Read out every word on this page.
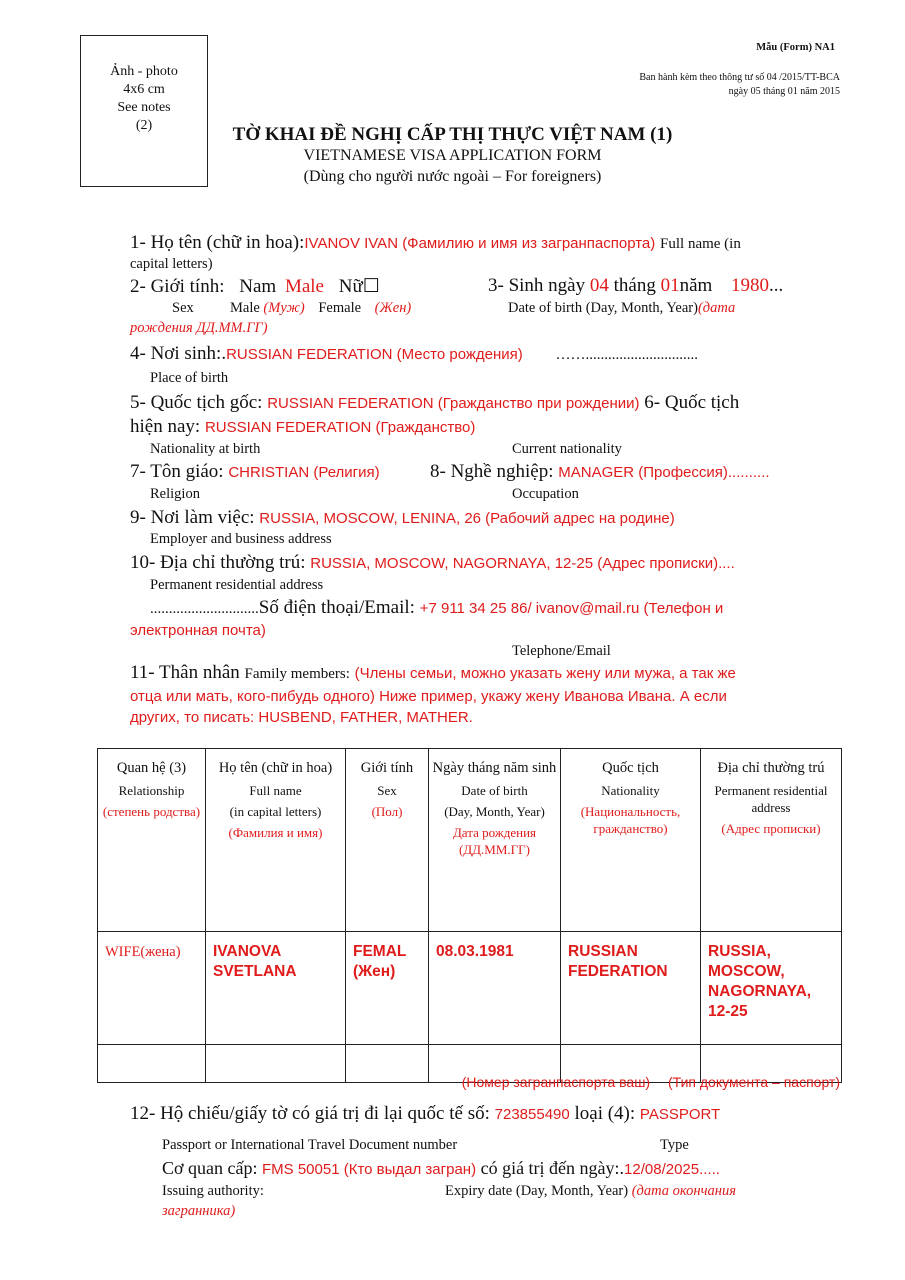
Ảnh - photo
4x6 cm
See notes
(2)
Mẫu (Form) NA1
Ban hành kèm theo thông tư số 04 /2015/TT-BCA
ngày 05 tháng 01 năm 2015
TỜ KHAI ĐỀ NGHỊ CẤP THỊ THỰC VIỆT NAM (1)
VIETNAMESE VISA APPLICATION FORM
(Dùng cho người nước ngoài – For foreigners)
1- Họ tên (chữ in hoa):IVANOV IVAN (Фамилию и имя из загранпаспорта) Full name (in
capital letters)
2- Giới tính: Nam Male Nữ☐	3- Sinh ngày 04 tháng 01năm 1980...
Sex	Male (Муж) Female (Жен)	Date of birth (Day, Month, Year)(дата
рождения ДД.ММ.ГГ)
4- Nơi sinh:.RUSSIAN FEDERATION (Место рождения) ……..............................
Place of birth
5- Quốc tịch gốc: RUSSIAN FEDERATION (Гражданство при рождении) 6- Quốc tịch
hiện nay: RUSSIAN FEDERATION (Гражданство)
Nationality at birth	Current nationality
7- Tôn giáo: CHRISTIAN (Религия)	8- Nghề nghiệp: MANAGER (Профессия)..........
Religion	Occupation
9- Nơi làm việc: RUSSIA, MOSCOW, LENINA, 26 (Рабочий адрес на родине)
Employer and business address
10- Địa chỉ thường trú: RUSSIA, MOSCOW, NAGORNAYA, 12-25 (Адрес прописки)....
Permanent residential address
.............................Số điện thoại/Email: +7 911 34 25 86/ ivanov@mail.ru (Телефон и
электронная почта)
Telephone/Email
11- Thân nhân Family members: (Члены семьи, можно указать жену или мужа, а так же
отца или мать, кого-пибудь одного) Ниже пример, укажу жену Иванова Ивана. А если
других, то писать: HUSBEND, FATHER, MATHER.
Quan hệ (3)
Relationship
(степень родства)	Họ tên (chữ in hoa)
Full name
(in capital letters)
(Фамилия и имя)	Giới tính
Sex
(Пол)	Ngày tháng năm sinh
Date of birth
(Day, Month, Year)
Дата рождения (ДД.ММ.ГГ)	Quốc tịch
Nationality
(Национальность, гражданство)	Địa chỉ thường trú
Permanent residential address
(Адрес прописки)

WIFE(жена)	IVANOVA SVETLANA	FEMAL (Жен)	08.03.1981	RUSSIAN FEDERATION	RUSSIA, MOSCOW, NAGORNAYA, 12-25

(Номер загранпаспорта ваш) (Тип документа – паспорт)
12- Hộ chiếu/giấy tờ có giá trị đi lại quốc tế số: 723855490 loại (4): PASSPORT
Passport or International Travel Document number	Type
Cơ quan cấp: FMS 50051 (Кто выдал загран) có giá trị đến ngày:.12/08/2025.....
Issuing authority:	Expiry date (Day, Month, Year) (дата окончания
загранника)
